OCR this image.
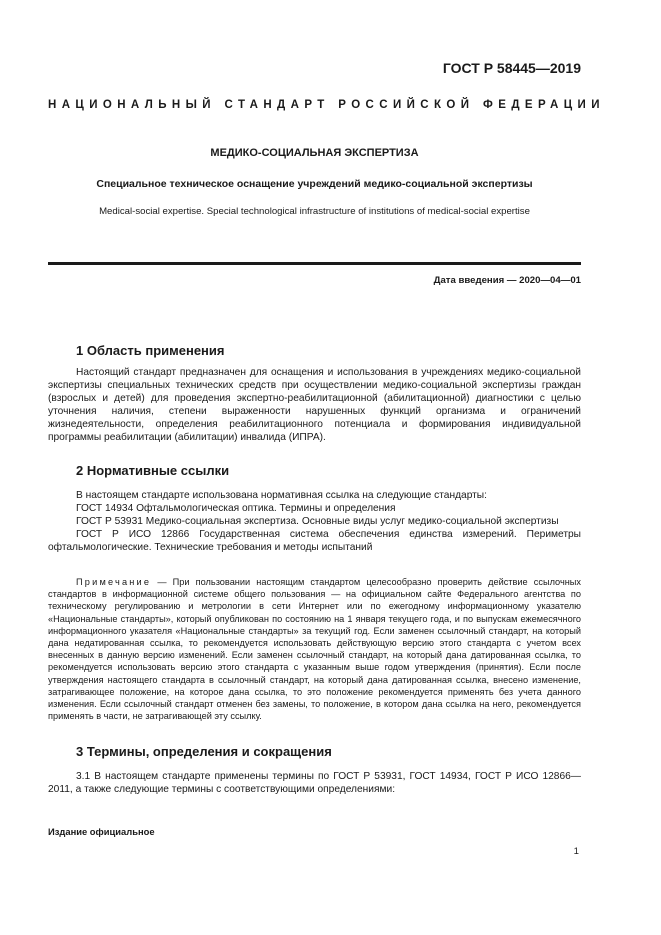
ГОСТ Р 58445—2019
НАЦИОНАЛЬНЫЙ СТАНДАРТ РОССИЙСКОЙ ФЕДЕРАЦИИ
МЕДИКО-СОЦИАЛЬНАЯ ЭКСПЕРТИЗА
Специальное техническое оснащение учреждений медико-социальной экспертизы
Medical-social expertise. Special technological infrastructure of institutions of medical-social expertise
Дата введения — 2020—04—01
1 Область применения

Настоящий стандарт предназначен для оснащения и использования в учреждениях медико-социальной экспертизы специальных технических средств при осуществлении медико-социальной экспертизы граждан (взрослых и детей) для проведения экспертно-реабилитационной (абилитационной) диагностики с целью уточнения наличия, степени выраженности нарушенных функций организма и ограничений жизнедеятельности, определения реабилитационного потенциала и формирования индивидуальной программы реабилитации (абилитации) инвалида (ИПРА).

2 Нормативные ссылки

В настоящем стандарте использована нормативная ссылка на следующие стандарты:

ГОСТ 14934 Офтальмологическая оптика. Термины и определения

ГОСТ Р 53931 Медико-социальная экспертиза. Основные виды услуг медико-социальной экспертизы

ГОСТ Р ИСО 12866 Государственная система обеспечения единства измерений. Периметры офтальмологические. Технические требования и методы испытаний

Примечание — При пользовании настоящим стандартом целесообразно проверить действие ссылочных стандартов в информационной системе общего пользования — на официальном сайте Федерального агентства по техническому регулированию и метрологии в сети Интернет или по ежегодному информационному указателю «Национальные стандарты», который опубликован по состоянию на 1 января текущего года, и по выпускам ежемесячного информационного указателя «Национальные стандарты» за текущий год. Если заменен ссылочный стандарт, на который дана недатированная ссылка, то рекомендуется использовать действующую версию этого стандарта с учетом всех внесенных в данную версию изменений. Если заменен ссылочный стандарт, на который дана датированная ссылка, то рекомендуется использовать версию этого стандарта с указанным выше годом утверждения (принятия). Если после утверждения настоящего стандарта в ссылочный стандарт, на который дана датированная ссылка, внесено изменение, затрагивающее положение, на которое дана ссылка, то это положение рекомендуется применять без учета данного изменения. Если ссылочный стандарт отменен без замены, то положение, в котором дана ссылка на него, рекомендуется применять в части, не затрагивающей эту ссылку.
3 Термины, определения и сокращения

3.1 В настоящем стандарте применены термины по ГОСТ Р 53931, ГОСТ 14934, ГОСТ Р ИСО 12866—2011, а также следующие термины с соответствующими определениями:

Издание официальное
1
